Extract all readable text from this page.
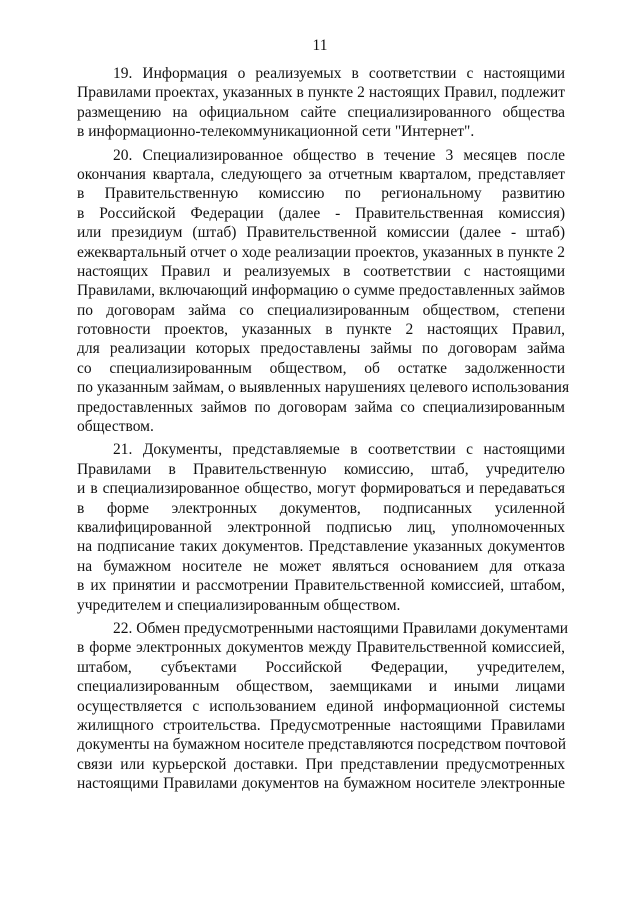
11
19. Информация о реализуемых в соответствии с настоящими
Правилами проектах, указанных в пункте 2 настоящих Правил, подлежит
размещению на официальном сайте специализированного общества
в информационно-телекоммуникационной сети "Интернет".
20. Специализированное общество в течение 3 месяцев после
окончания квартала, следующего за отчетным кварталом, представляет
в Правительственную комиссию по региональному развитию
в Российской Федерации (далее - Правительственная комиссия)
или президиум (штаб) Правительственной комиссии (далее - штаб)
ежеквартальный отчет о ходе реализации проектов, указанных в пункте 2
настоящих Правил и реализуемых в соответствии с настоящими
Правилами, включающий информацию о сумме предоставленных займов
по договорам займа со специализированным обществом, степени
готовности проектов, указанных в пункте 2 настоящих Правил,
для реализации которых предоставлены займы по договорам займа
со специализированным обществом, об остатке задолженности
по указанным займам, о выявленных нарушениях целевого использования
предоставленных займов по договорам займа со специализированным
обществом.
21. Документы, представляемые в соответствии с настоящими
Правилами в Правительственную комиссию, штаб, учредителю
и в специализированное общество, могут формироваться и передаваться
в форме электронных документов, подписанных усиленной
квалифицированной электронной подписью лиц, уполномоченных
на подписание таких документов. Представление указанных документов
на бумажном носителе не может являться основанием для отказа
в их принятии и рассмотрении Правительственной комиссией, штабом,
учредителем и специализированным обществом.
22. Обмен предусмотренными настоящими Правилами документами
в форме электронных документов между Правительственной комиссией,
штабом, субъектами Российской Федерации, учредителем,
специализированным обществом, заемщиками и иными лицами
осуществляется с использованием единой информационной системы
жилищного строительства. Предусмотренные настоящими Правилами
документы на бумажном носителе представляются посредством почтовой
связи или курьерской доставки. При представлении предусмотренных
настоящими Правилами документов на бумажном носителе электронные
